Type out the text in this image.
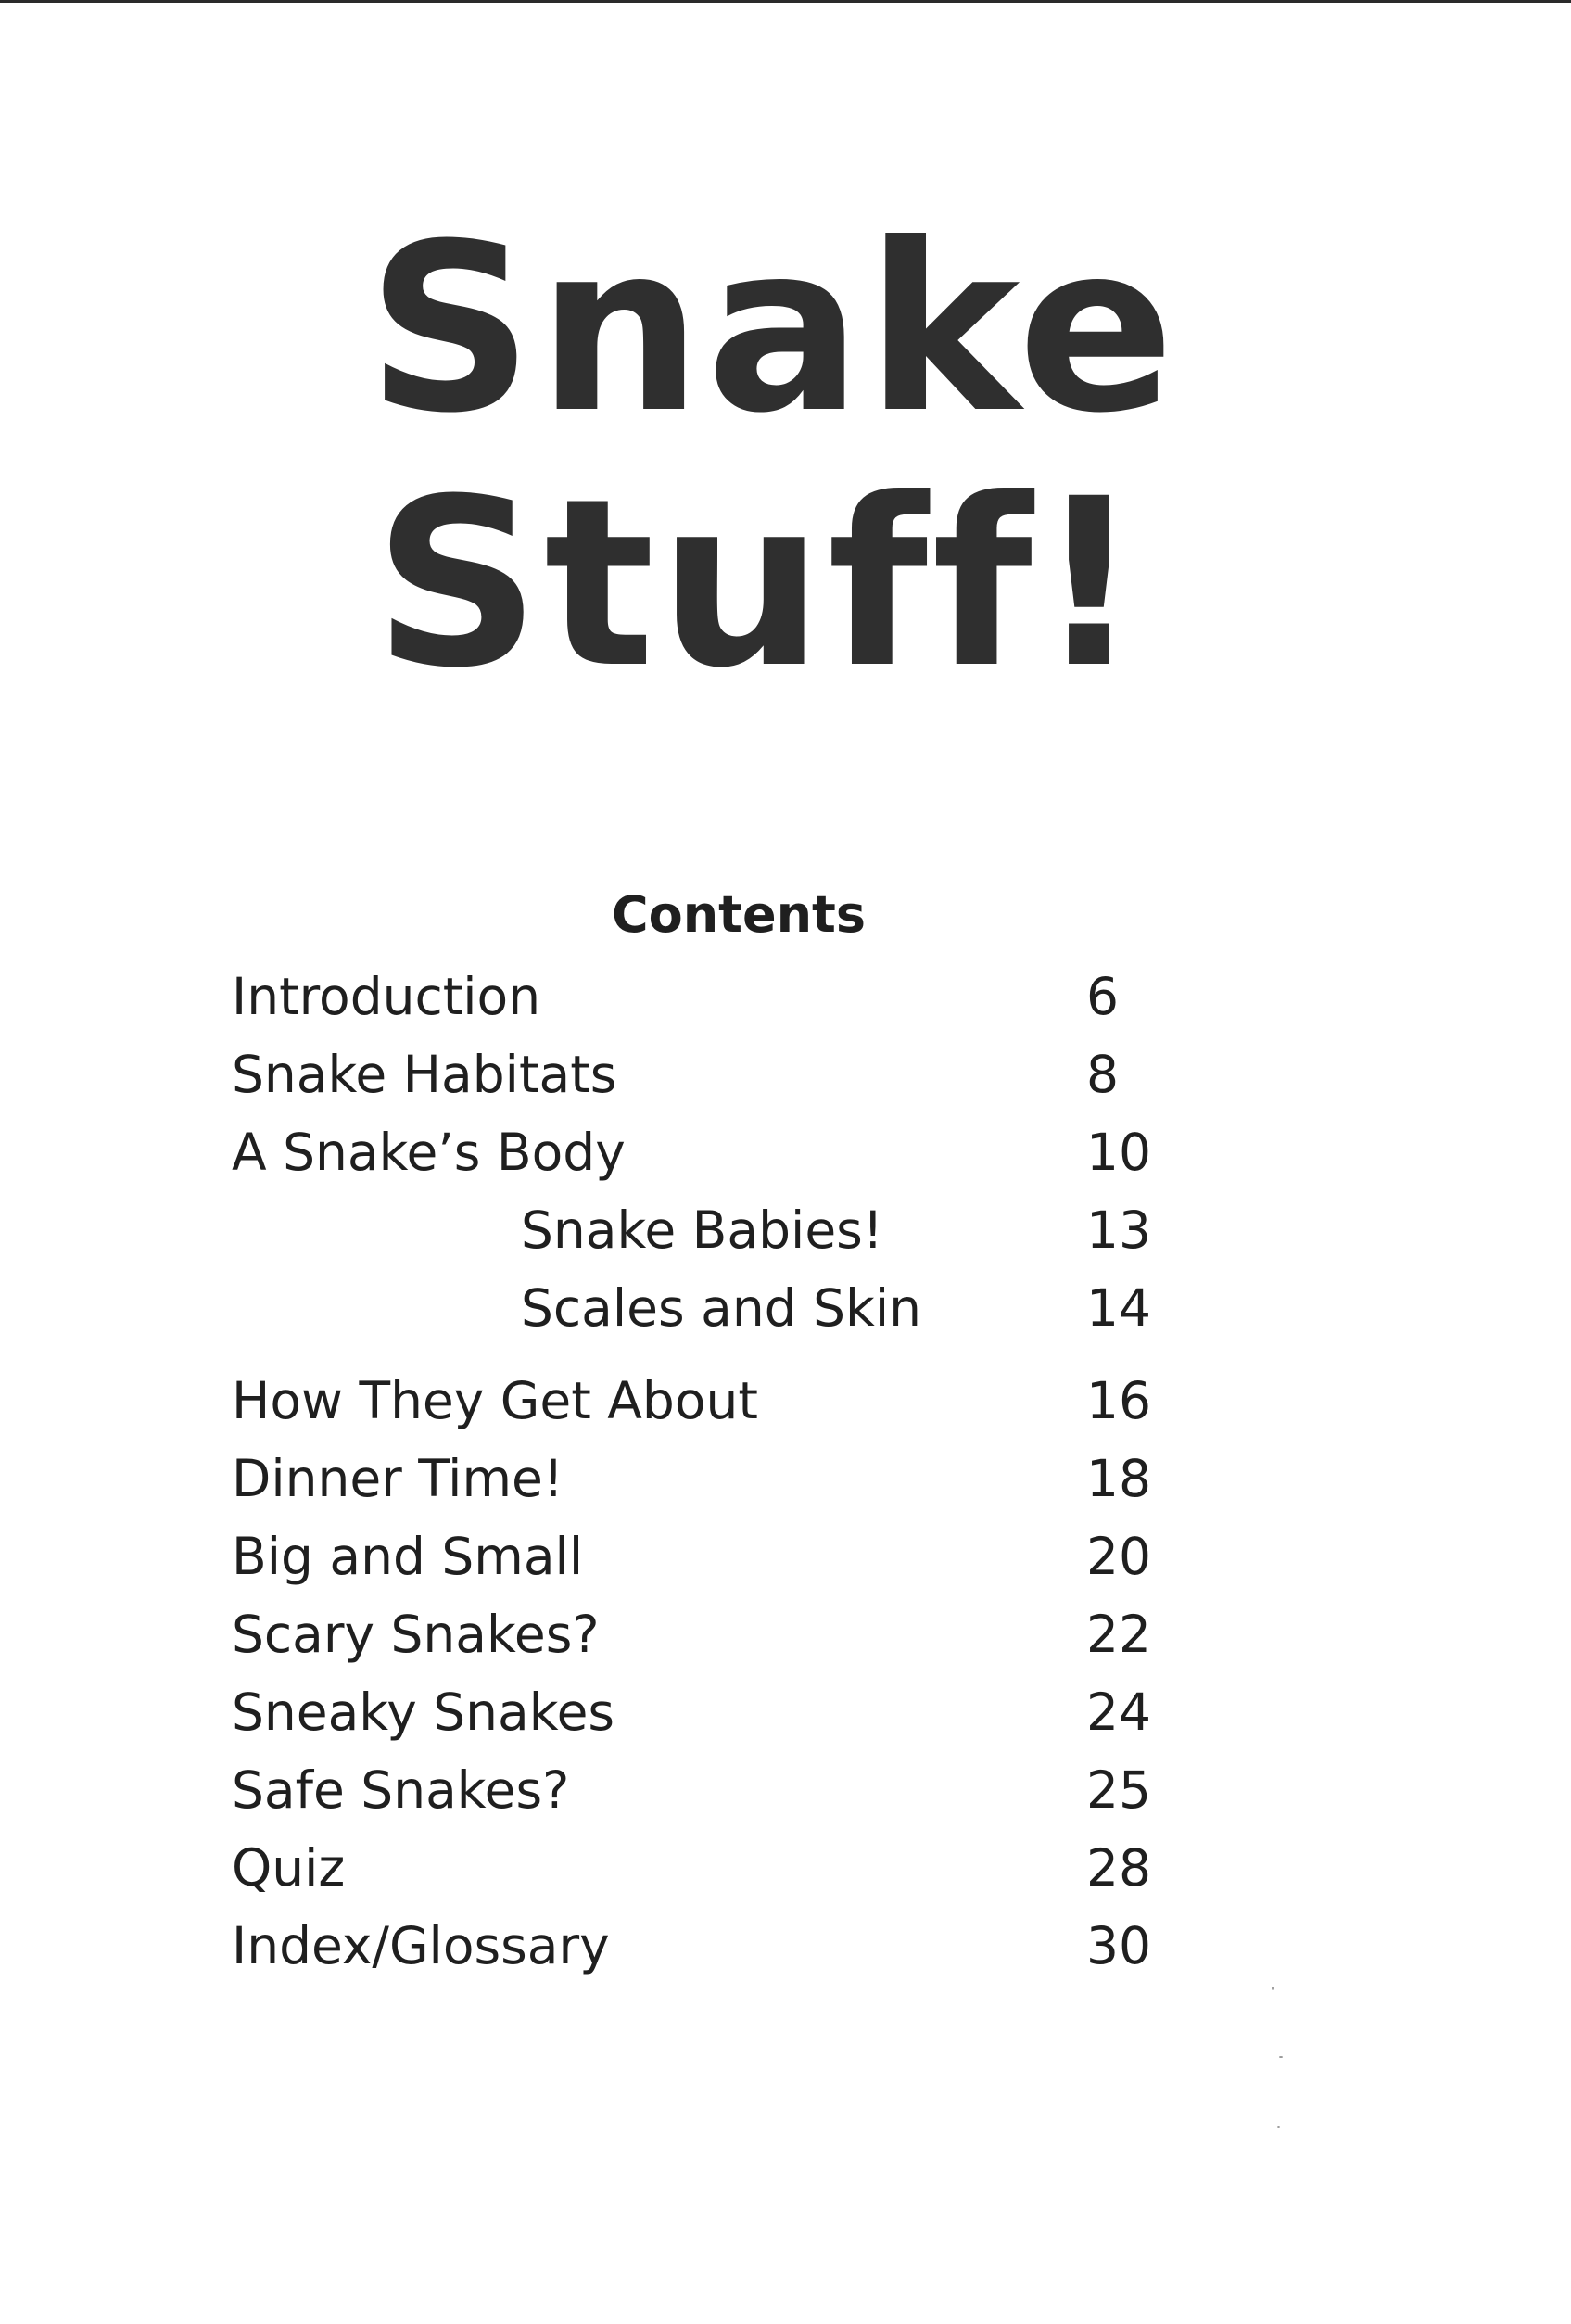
Snake
Stuff!
Contents
Introduction	6
Snake Habitats	8
A Snake’s Body	10
Snake Babies!	13
Scales and Skin	14
How They Get About	16
Dinner Time!	18
Big and Small	20
Scary Snakes?	22
Sneaky Snakes	24
Safe Snakes?	25
Quiz	28
Index/Glossary	30
